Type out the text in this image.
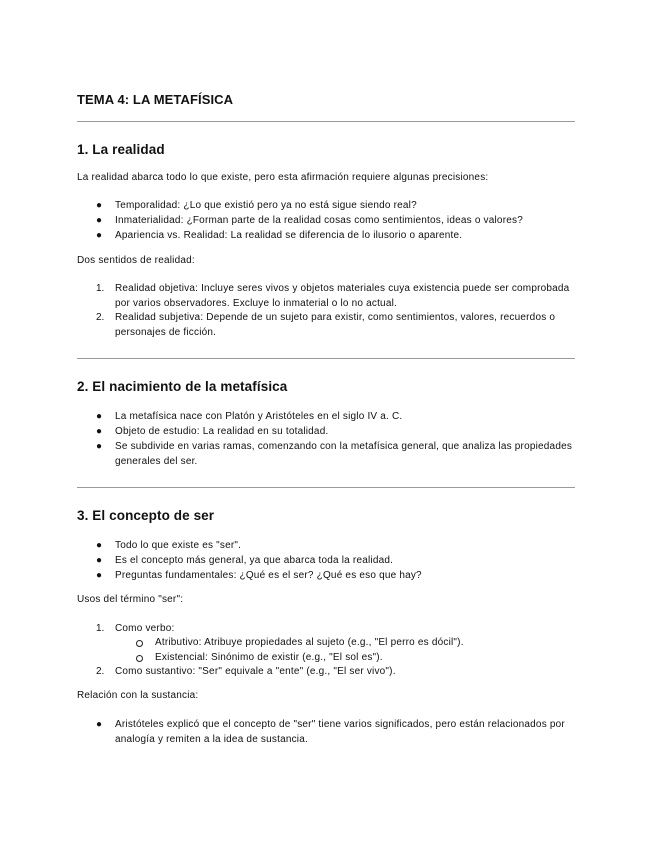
TEMA 4: LA METAFÍSICA
1. La realidad
La realidad abarca todo lo que existe, pero esta afirmación requiere algunas precisiones:
● Temporalidad: ¿Lo que existió pero ya no está sigue siendo real?
● Inmaterialidad: ¿Forman parte de la realidad cosas como sentimientos, ideas o valores?
● Apariencia vs. Realidad: La realidad se diferencia de lo ilusorio o aparente.
Dos sentidos de realidad:
1. Realidad objetiva: Incluye seres vivos y objetos materiales cuya existencia puede ser comprobada por varios observadores. Excluye lo inmaterial o lo no actual.
2. Realidad subjetiva: Depende de un sujeto para existir, como sentimientos, valores, recuerdos o personajes de ficción.
2. El nacimiento de la metafísica
● La metafísica nace con Platón y Aristóteles en el siglo IV a. C.
● Objeto de estudio: La realidad en su totalidad.
● Se subdivide en varias ramas, comenzando con la metafísica general, que analiza las propiedades generales del ser.
3. El concepto de ser
● Todo lo que existe es "ser".
● Es el concepto más general, ya que abarca toda la realidad.
● Preguntas fundamentales: ¿Qué es el ser? ¿Qué es eso que hay?
Usos del término "ser":
1. Como verbo:
Atributivo: Atribuye propiedades al sujeto (e.g., "El perro es dócil").
Existencial: Sinónimo de existir (e.g., "El sol es").
2. Como sustantivo: "Ser" equivale a "ente" (e.g., "El ser vivo").
Relación con la sustancia:
● Aristóteles explicó que el concepto de "ser" tiene varios significados, pero están relacionados por analogía y remiten a la idea de sustancia.
